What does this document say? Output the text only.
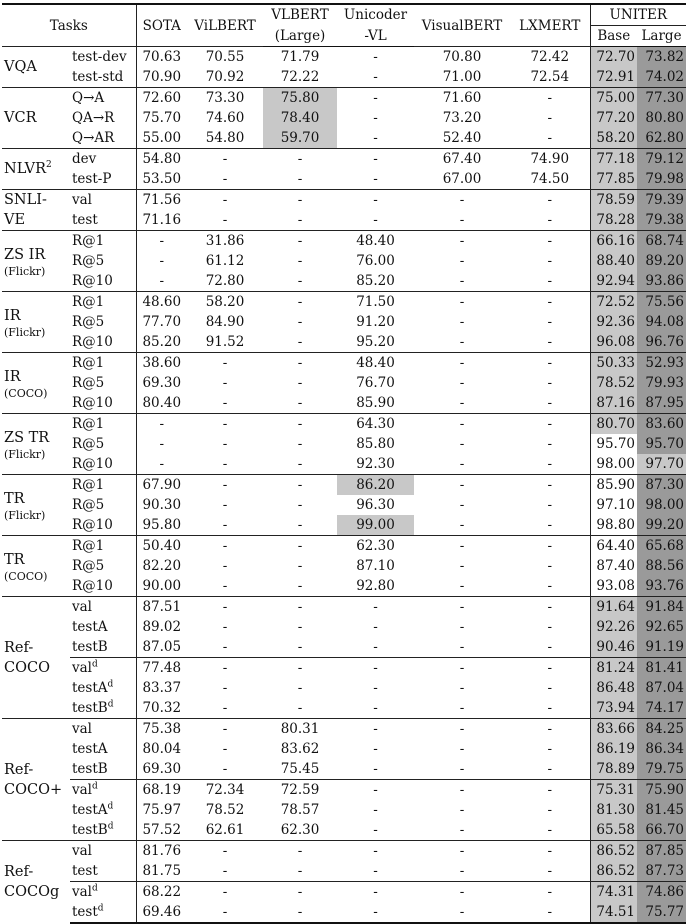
Tasks		SOTA	ViLBERT	VLBERT	Unicoder	VisualBERT	LXMERT	UNITER	
				(Large)	-VL			Base	Large
VQA	test-dev	70.63	70.55	71.79	-	70.80	72.42	72.70	73.82
	test-std	70.90	70.92	72.22	-	71.00	72.54	72.91	74.02
VCR	Q→A	72.60	73.30	75.80	-	71.60	-	75.00	77.30
	QA→R	75.70	74.60	78.40	-	73.20	-	77.20	80.80
	Q→AR	55.00	54.80	59.70	-	52.40	-	58.20	62.80
NLVR$^2$	dev	54.80	-	-	-	67.40	74.90	77.18	79.12
	test-P	53.50	-	-	-	67.00	74.50	77.85	79.98
SNLI-
VE	val	71.56	-	-	-	-	-	78.59	79.39
	test	71.16	-	-	-	-	-	78.28	79.38
ZS IR
(Flickr)	R@1	-	31.86	-	48.40	-	-	66.16	68.74
	R@5	-	61.12	-	76.00	-	-	88.40	89.20
	R@10	-	72.80	-	85.20	-	-	92.94	93.86
IR
(Flickr)	R@1	48.60	58.20	-	71.50	-	-	72.52	75.56
	R@5	77.70	84.90	-	91.20	-	-	92.36	94.08
	R@10	85.20	91.52	-	95.20	-	-	96.08	96.76
IR
(COCO)	R@1	38.60	-	-	48.40	-	-	50.33	52.93
	R@5	69.30	-	-	76.70	-	-	78.52	79.93
	R@10	80.40	-	-	85.90	-	-	87.16	87.95
ZS TR
(Flickr)	R@1	-	-	-	64.30	-	-	80.70	83.60
	R@5	-	-	-	85.80	-	-	95.70	95.70
	R@10	-	-	-	92.30	-	-	98.00	97.70
TR
(Flickr)	R@1	67.90	-	-	86.20	-	-	85.90	87.30
	R@5	90.30	-	-	96.30	-	-	97.10	98.00
	R@10	95.80	-	-	99.00	-	-	98.80	99.20
TR
(COCO)	R@1	50.40	-	-	62.30	-	-	64.40	65.68
	R@5	82.20	-	-	87.10	-	-	87.40	88.56
	R@10	90.00	-	-	92.80	-	-	93.08	93.76
Ref-
COCO	val	87.51	-	-	-	-	-	91.64	91.84
	testA	89.02	-	-	-	-	-	92.26	92.65
	testB	87.05	-	-	-	-	-	90.46	91.19
	val$^d$	77.48	-	-	-	-	-	81.24	81.41
	testA$^d$	83.37	-	-	-	-	-	86.48	87.04
	testB$^d$	70.32	-	-	-	-	-	73.94	74.17
Ref-
COCO+	val	75.38	-	80.31	-	-	-	83.66	84.25
	testA	80.04	-	83.62	-	-	-	86.19	86.34
	testB	69.30	-	75.45	-	-	-	78.89	79.75
	val$^d$	68.19	72.34	72.59	-	-	-	75.31	75.90
	testA$^d$	75.97	78.52	78.57	-	-	-	81.30	81.45
	testB$^d$	57.52	62.61	62.30	-	-	-	65.58	66.70
Ref-
COCOg	val	81.76	-	-	-	-	-	86.52	87.85
	test	81.75	-	-	-	-	-	86.52	87.73
	val$^d$	68.22	-	-	-	-	-	74.31	74.86
	test$^d$	69.46	-	-	-	-	-	74.51	75.77
